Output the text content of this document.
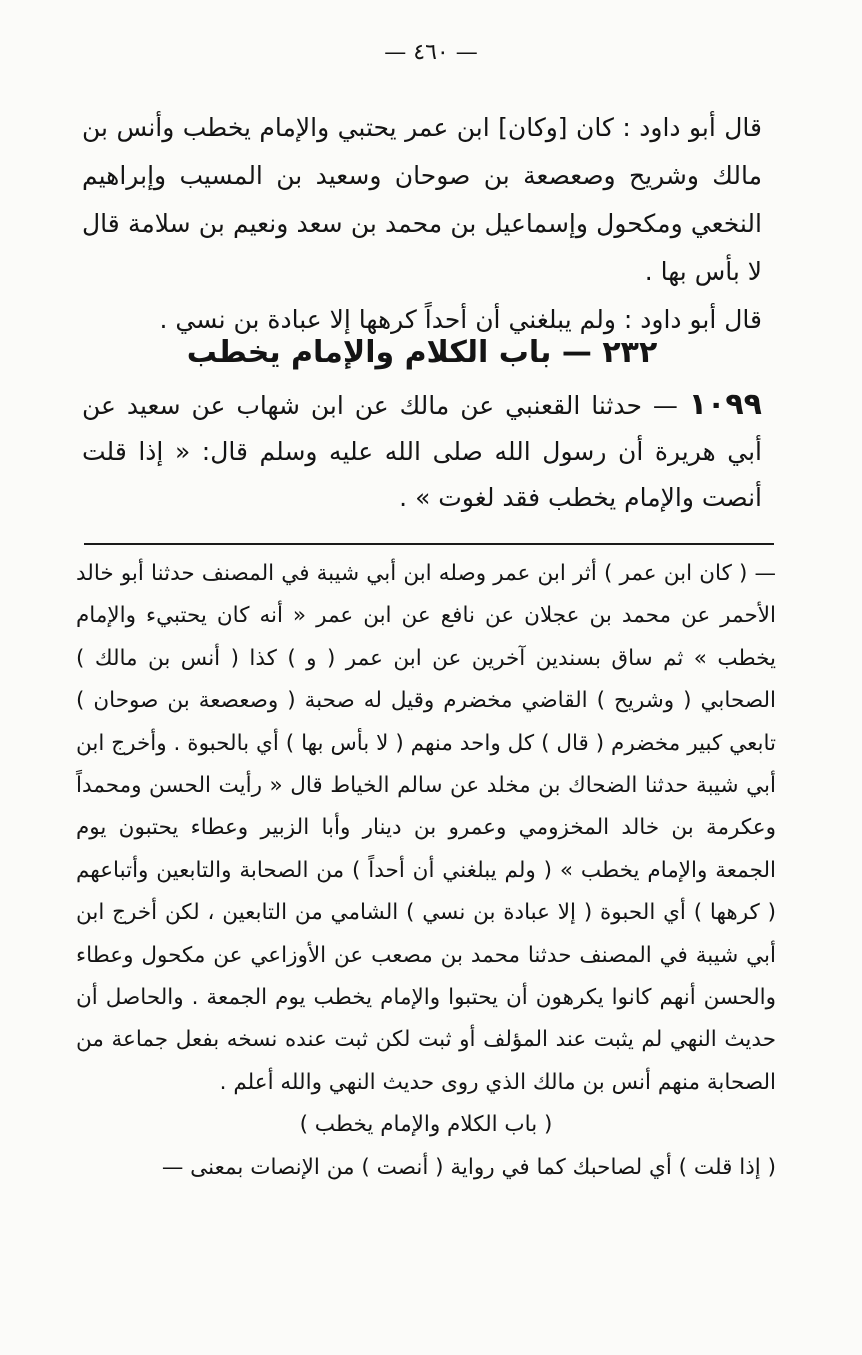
— ٤٦٠ —

قال أبو داود : كان [وكان] ابن عمر يحتبي والإمام يخطب وأنس بن مالك وشريح وصعصعة بن صوحان وسعيد بن المسيب وإبراهيم النخعي ومكحول وإسماعيل بن محمد بن سعد ونعيم بن سلامة قال لا بأس بها .

قال أبو داود : ولم يبلغني أن أحداً كرهها إلا عبادة بن نسي .

٢٣٢ — باب الكلام والإمام يخطب
١٠٩٩ — حدثنا القعنبي عن مالك عن ابن شهاب عن سعيد عن أبي هريرة أن رسول الله صلى الله عليه وسلم قال: « إذا قلت أنصت والإمام يخطب فقد لغوت » .

— ( كان ابن عمر ) أثر ابن عمر وصله ابن أبي شيبة في المصنف حدثنا أبو خالد الأحمر عن محمد بن عجلان عن نافع عن ابن عمر « أنه كان يحتبيء والإمام يخطب » ثم ساق بسندين آخرين عن ابن عمر ( و ) كذا ( أنس بن مالك ) الصحابي ( وشريح ) القاضي مخضرم وقيل له صحبة ( وصعصعة بن صوحان ) تابعي كبير مخضرم ( قال ) كل واحد منهم ( لا بأس بها ) أي بالحبوة . وأخرج ابن أبي شيبة حدثنا الضحاك بن مخلد عن سالم الخياط قال « رأيت الحسن ومحمداً وعكرمة بن خالد المخزومي وعمرو بن دينار وأبا الزبير وعطاء يحتبون يوم الجمعة والإمام يخطب » ( ولم يبلغني أن أحداً ) من الصحابة والتابعين وأتباعهم ( كرهها ) أي الحبوة ( إلا عبادة بن نسي ) الشامي من التابعين ، لكن أخرج ابن أبي شيبة في المصنف حدثنا محمد بن مصعب عن الأوزاعي عن مكحول وعطاء والحسن أنهم كانوا يكرهون أن يحتبوا والإمام يخطب يوم الجمعة . والحاصل أن حديث النهي لم يثبت عند المؤلف أو ثبت لكن ثبت عنده نسخه بفعل جماعة من الصحابة منهم أنس بن مالك الذي روى حديث النهي والله أعلم .

( باب الكلام والإمام يخطب )

( إذا قلت ) أي لصاحبك كما في رواية ( أنصت ) من الإنصات بمعنى —
